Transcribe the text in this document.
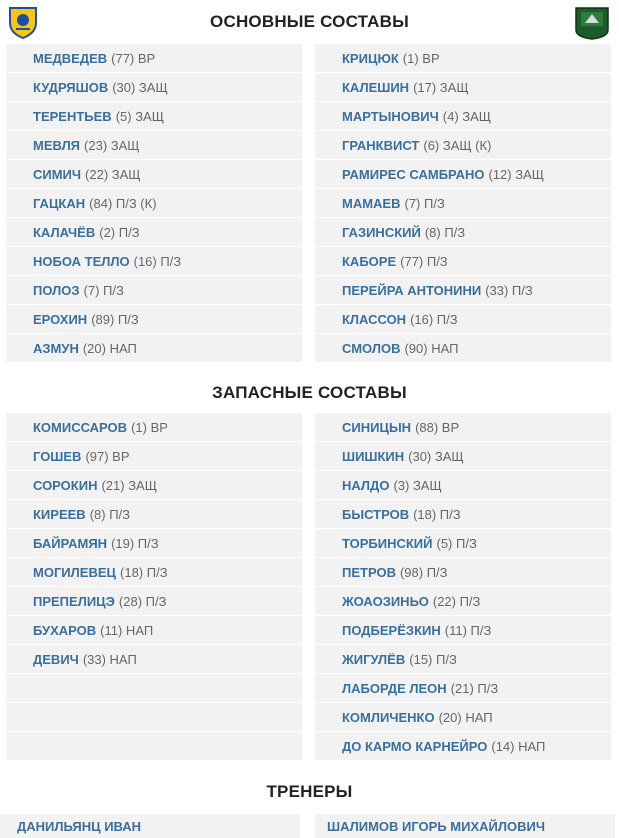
ОСНОВНЫЕ СОСТАВЫ
ЗАПАСНЫЕ СОСТАВЫ
ТРЕНЕРЫ
МЕДВЕДЕВ (77) ВР
КУДРЯШОВ (30) ЗАЩ
ТЕРЕНТЬЕВ (5) ЗАЩ
МЕВЛЯ (23) ЗАЩ
СИМИЧ (22) ЗАЩ
ГАЦКАН (84) П/З (К)
КАЛАЧЁВ (2) П/З
НОБОА ТЕЛЛО (16) П/З
ПОЛОЗ (7) П/З
ЕРОХИН (89) П/З
АЗМУН (20) НАП
КРИЦЮК (1) ВР
КАЛЕШИН (17) ЗАЩ
МАРТЫНОВИЧ (4) ЗАЩ
ГРАНКВИСТ (6) ЗАЩ (К)
РАМИРЕС САМБРАНО (12) ЗАЩ
МАМАЕВ (7) П/З
ГАЗИНСКИЙ (8) П/З
КАБОРЕ (77) П/З
ПЕРЕЙРА АНТОНИНИ (33) П/З
КЛАССОН (16) П/З
СМОЛОВ (90) НАП
КОМИССАРОВ (1) ВР
ГОШЕВ (97) ВР
СОРОКИН (21) ЗАЩ
КИРЕЕВ (8) П/З
БАЙРАМЯН (19) П/З
МОГИЛЕВЕЦ (18) П/З
ПРЕПЕЛИЦЭ (28) П/З
БУХАРОВ (11) НАП
ДЕВИЧ (33) НАП
СИНИЦЫН (88) ВР
ШИШКИН (30) ЗАЩ
НАЛДО (3) ЗАЩ
БЫСТРОВ (18) П/З
ТОРБИНСКИЙ (5) П/З
ПЕТРОВ (98) П/З
ЖОАОЗИНЬО (22) П/З
ПОДБЕРЁЗКИН (11) П/З
ЖИГУЛЁВ (15) П/З
ЛАБОРДЕ ЛЕОН (21) П/З
КОМЛИЧЕНКО (20) НАП
ДО КАРМО КАРНЕЙРО (14) НАП
ДАНИЛЬЯНЦ ИВАН	ШАЛИМОВ ИГОРЬ МИХАЙЛОВИЧ
